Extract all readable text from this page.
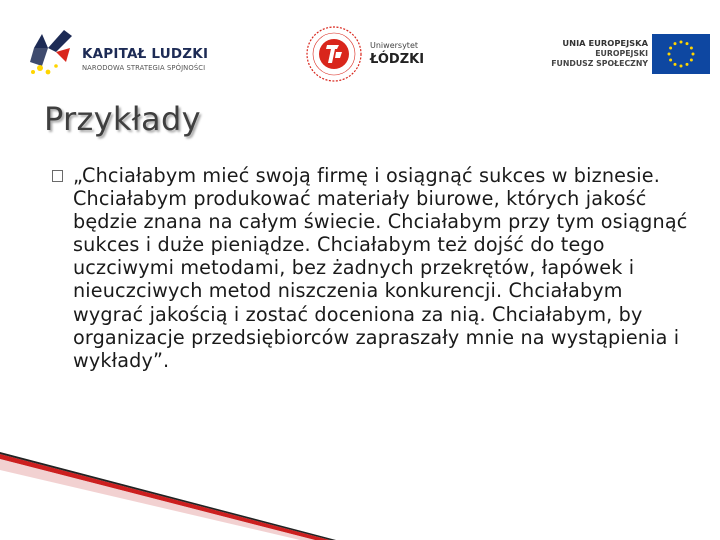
KAPITAŁ LUDZKI
NARODOWA STRATEGIA SPÓJNOŚCI
Uniwersytet
ŁÓDZKI
UNIA EUROPEJSKA
EUROPEJSKI
FUNDUSZ SPOŁECZNY
Przykłady

„Chciałabym mieć swoją firmę i osiągnąć sukces w biznesie. Chciałabym produkować materiały biurowe, których jakość będzie znana na całym świecie. Chciałabym przy tym osiągnąć sukces i duże pieniądze. Chciałabym też dojść do tego uczciwymi metodami, bez żadnych przekrętów, łapówek i nieuczciwych metod niszczenia konkurencji. Chciałabym wygrać jakością i zostać doceniona za nią. Chciałabym, by organizacje przedsiębiorców zapraszały mnie na wystąpienia i wykłady”.
